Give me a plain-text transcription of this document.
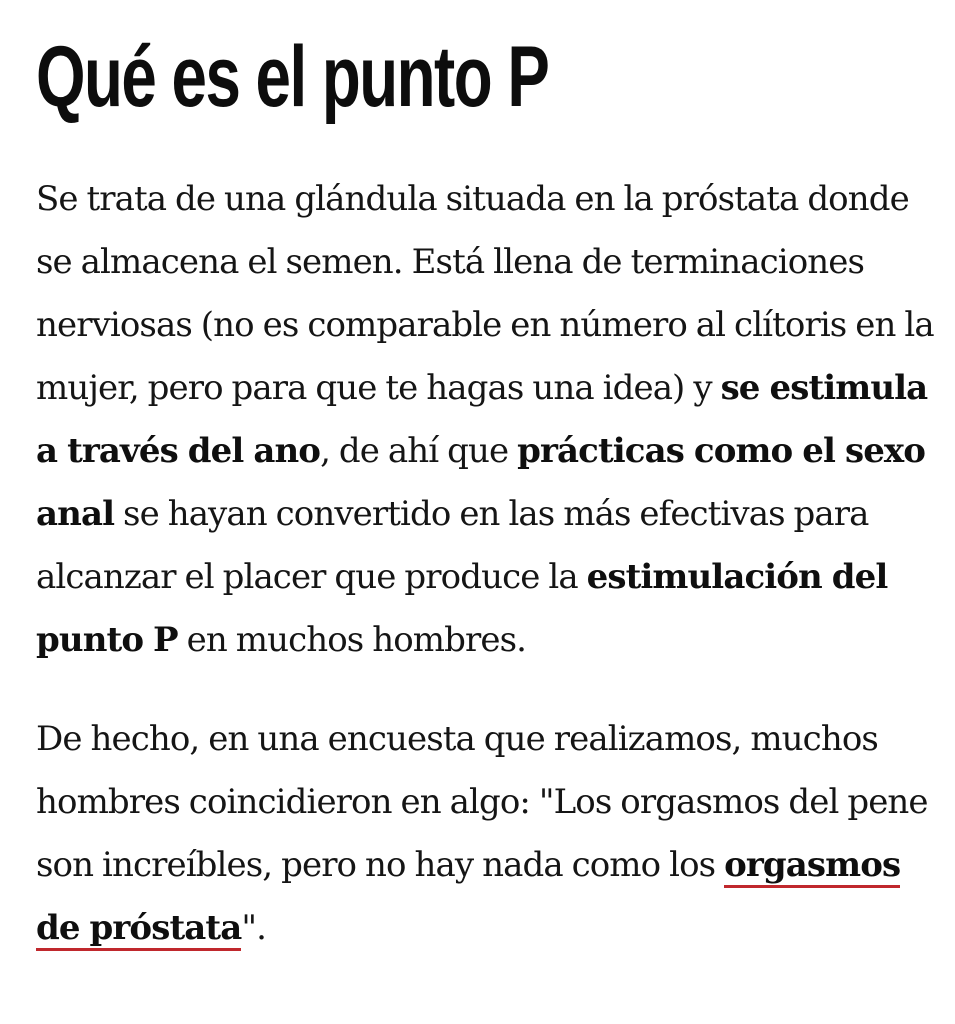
Qué es el punto P

Se trata de una glándula situada en la próstata donde se almacena el semen. Está llena de terminaciones nerviosas (no es comparable en número al clítoris en la mujer, pero para que te hagas una idea) y se estimula a través del ano, de ahí que prácticas como el sexo anal se hayan convertido en las más efectivas para alcanzar el placer que produce la estimulación del punto P en muchos hombres.

De hecho, en una encuesta que realizamos, muchos hombres coincidieron en algo: "Los orgasmos del pene son increíbles, pero no hay nada como los orgasmos de próstata".
